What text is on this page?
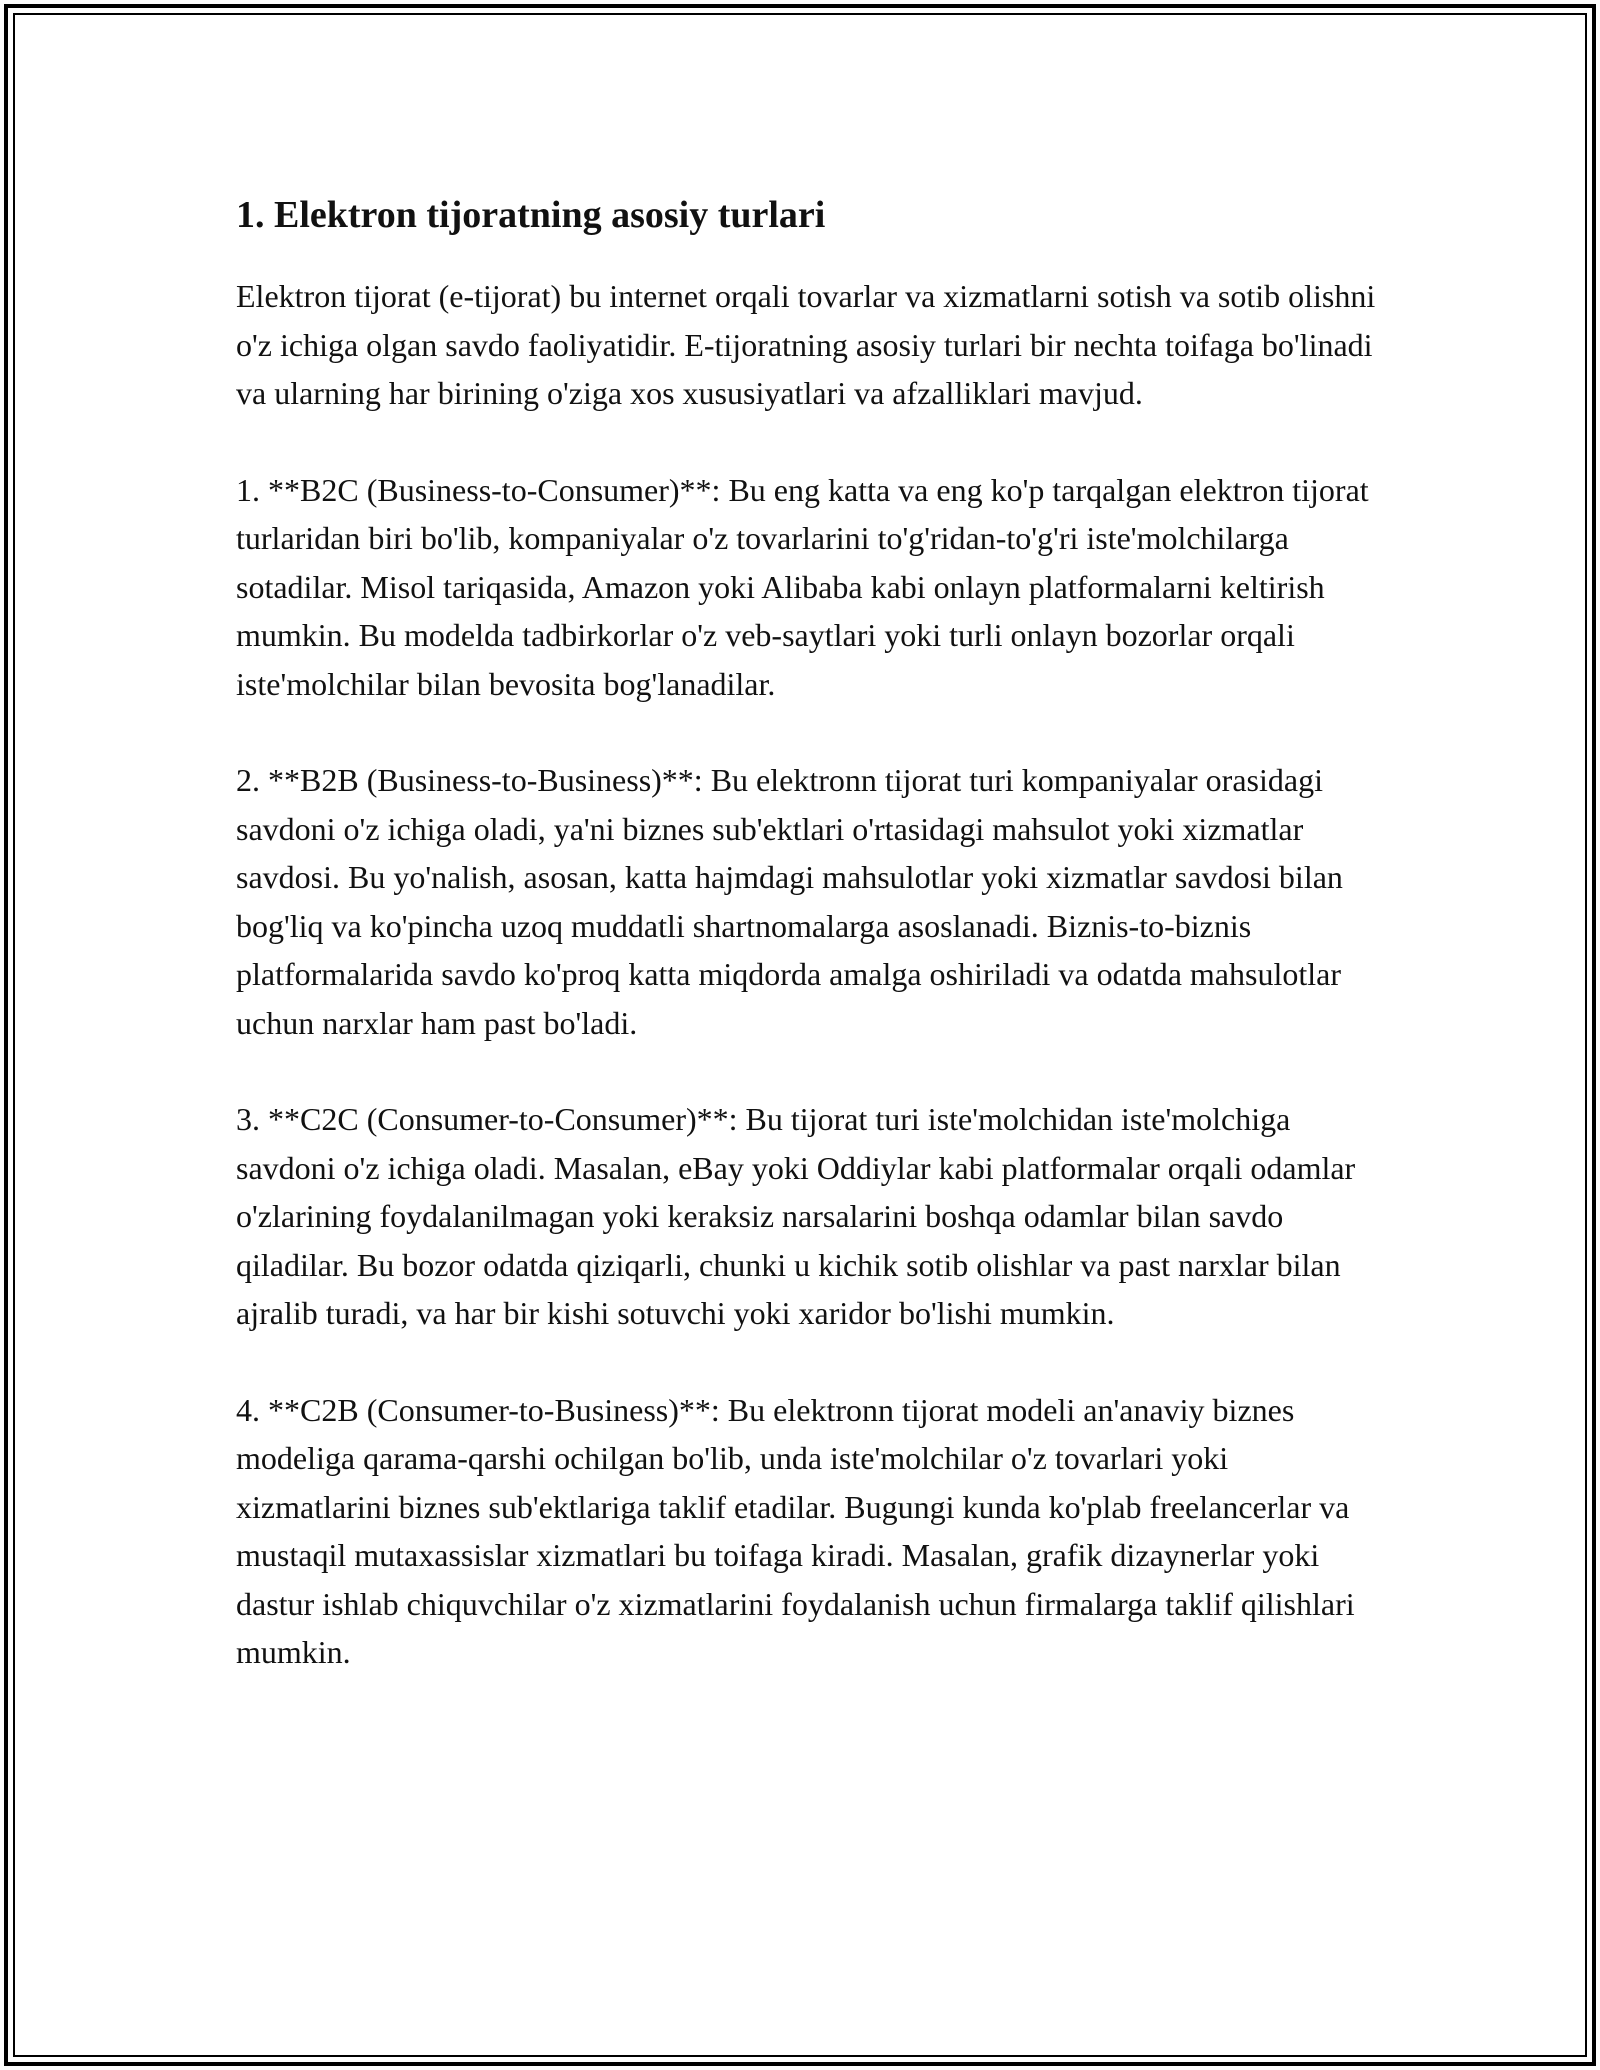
1. Elektron tijoratning asosiy turlari

Elektron tijorat (e-tijorat) bu internet orqali tovarlar va xizmatlarni sotish va sotib olishni o'z ichiga olgan savdo faoliyatidir. E-tijoratning asosiy turlari bir nechta toifaga bo'linadi va ularning har birining o'ziga xos xususiyatlari va afzalliklari mavjud.

1. **B2C (Business-to-Consumer)**: Bu eng katta va eng ko'p tarqalgan elektron tijorat turlaridan biri bo'lib, kompaniyalar o'z tovarlarini to'g'ridan-to'g'ri iste'molchilarga sotadilar. Misol tariqasida, Amazon yoki Alibaba kabi onlayn platformalarni keltirish mumkin. Bu modelda tadbirkorlar o'z veb-saytlari yoki turli onlayn bozorlar orqali iste'molchilar bilan bevosita bog'lanadilar.

2. **B2B (Business-to-Business)**: Bu elektronn tijorat turi kompaniyalar orasidagi savdoni o'z ichiga oladi, ya'ni biznes sub'ektlari o'rtasidagi mahsulot yoki xizmatlar savdosi. Bu yo'nalish, asosan, katta hajmdagi mahsulotlar yoki xizmatlar savdosi bilan bog'liq va ko'pincha uzoq muddatli shartnomalarga asoslanadi. Biznis-to-biznis platformalarida savdo ko'proq katta miqdorda amalga oshiriladi va odatda mahsulotlar uchun narxlar ham past bo'ladi.

3. **C2C (Consumer-to-Consumer)**: Bu tijorat turi iste'molchidan iste'molchiga savdoni o'z ichiga oladi. Masalan, eBay yoki Oddiylar kabi platformalar orqali odamlar o'zlarining foydalanilmagan yoki keraksiz narsalarini boshqa odamlar bilan savdo qiladilar. Bu bozor odatda qiziqarli, chunki u kichik sotib olishlar va past narxlar bilan ajralib turadi, va har bir kishi sotuvchi yoki xaridor bo'lishi mumkin.

4. **C2B (Consumer-to-Business)**: Bu elektronn tijorat modeli an'anaviy biznes modeliga qarama-qarshi ochilgan bo'lib, unda iste'molchilar o'z tovarlari yoki xizmatlarini biznes sub'ektlariga taklif etadilar. Bugungi kunda ko'plab freelancerlar va mustaqil mutaxassislar xizmatlari bu toifaga kiradi. Masalan, grafik dizaynerlar yoki dastur ishlab chiquvchilar o'z xizmatlarini foydalanish uchun firmalarga taklif qilishlari mumkin.
